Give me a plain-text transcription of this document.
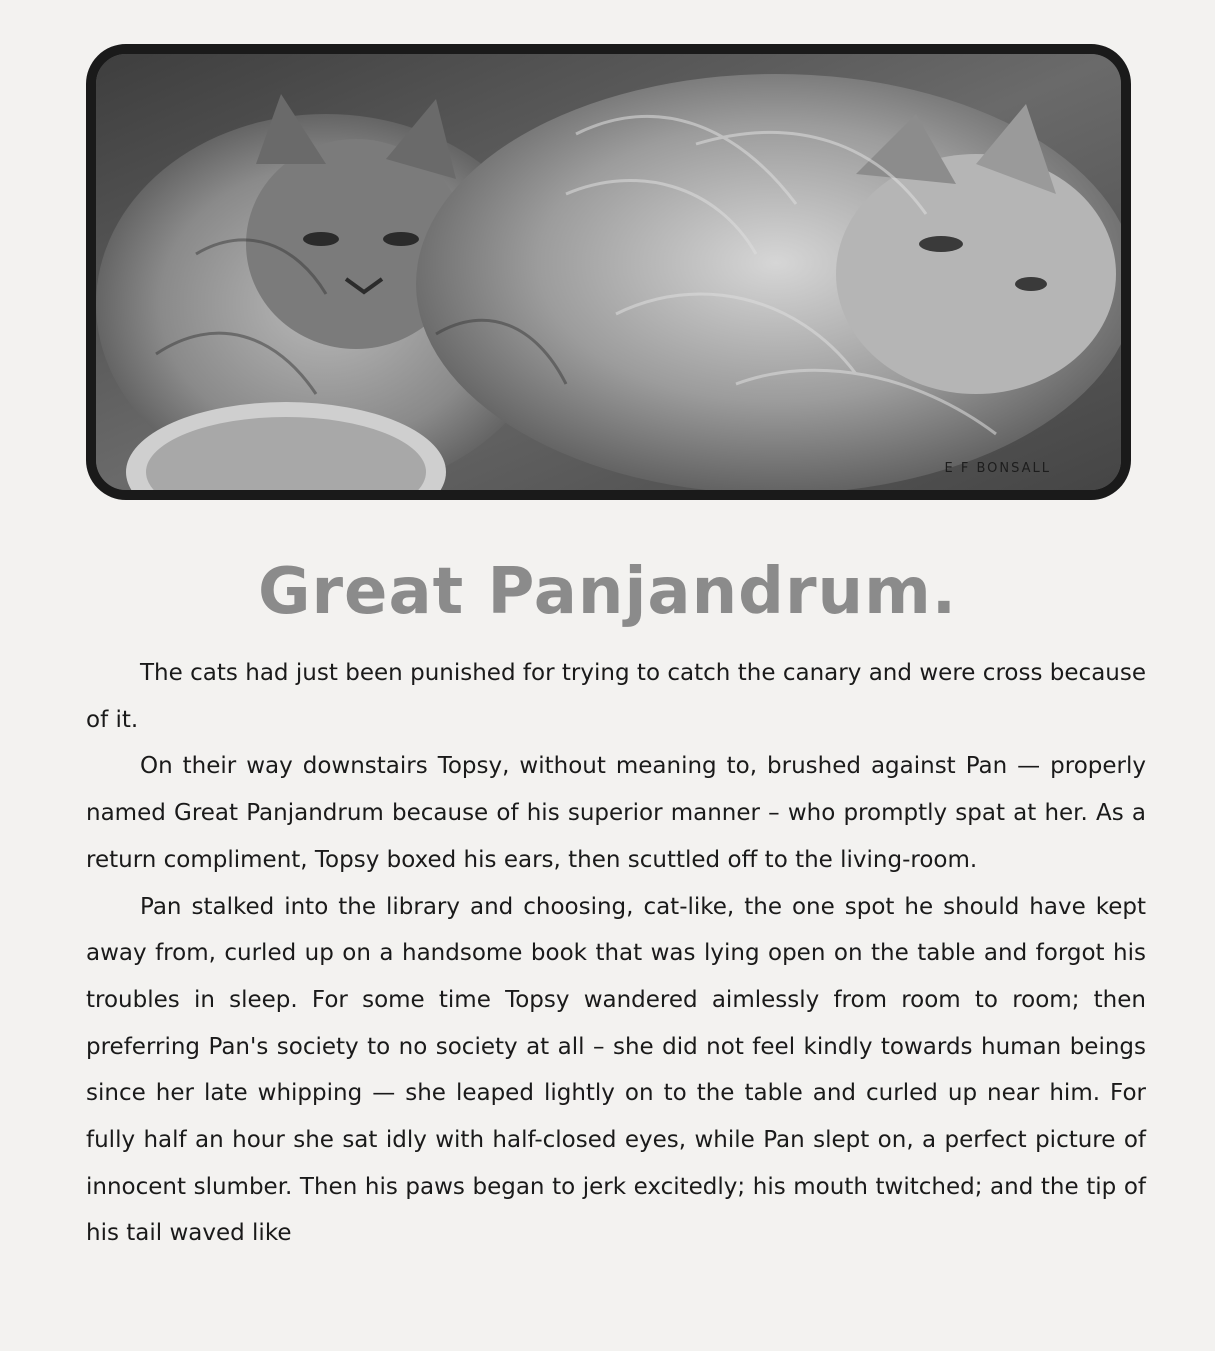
E F BONSALL
Great Panjandrum.

The cats had just been punished for trying to catch the canary and were cross because of it.

On their way downstairs Topsy, without meaning to, brushed against Pan — properly named Great Panjandrum because of his superior manner – who promptly spat at her. As a return compliment, Topsy boxed his ears, then scuttled off to the living-room.

Pan stalked into the library and choosing, cat-like, the one spot he should have kept away from, curled up on a handsome book that was lying open on the table and forgot his troubles in sleep. For some time Topsy wandered aimlessly from room to room; then preferring Pan's society to no society at all – she did not feel kindly towards human beings since her late whipping — she leaped lightly on to the table and curled up near him. For fully half an hour she sat idly with half-closed eyes, while Pan slept on, a perfect picture of innocent slumber. Then his paws began to jerk excitedly; his mouth twitched; and the tip of his tail waved like
